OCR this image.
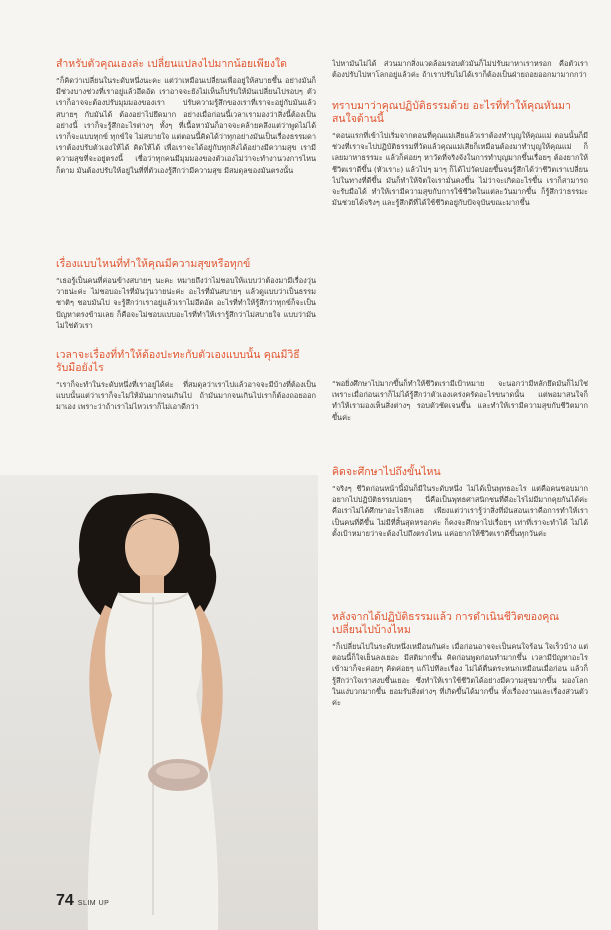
สำหรับตัวคุณเองล่ะ เปลี่ยนแปลงไปมากน้อยเพียงใด

“ ก็คิดว่าเปลี่ยนในระดับหนึ่งนะคะ แต่ว่าเหมือนเปลี่ยนเพื่ออยู่ให้สบายขึ้น อย่างมันก็มีช่วงบางช่วงที่เราอยู่แล้วอึดอัด เราอาจจะยังไม่เห็นก็ปรับให้มันเปลี่ยนไปรอบๆ ตัว เราก็อาจจะต้องปรับมุมมองของเรา ปรับความรู้สึกของเราที่เราจะอยู่กับมันแล้วสบายๆ กับมันได้ ต้องอย่าไปยึดมาก อย่างเมื่อก่อนนี้เวลาเรามองว่าสิ่งนี้ต้องเป็นอย่างนี้ เราก็จะรู้สึกอะไรต่างๆ ทั้งๆ ที่เนื้อหามันก็อาจจะคล้ายคลึงแต่ว่าพูดไม่ได้ เราก็จะแบบทุกข์ ทุกข์ใจ ไม่สบายใจ แต่ตอนนี้คิดได้ว่าทุกอย่างมันเป็นเรื่องธรรมดา เราต้องปรับตัวเองให้ได้ คิดให้ได้ เพื่อเราจะได้อยู่กับทุกสิ่งได้อย่างมีความสุข เรามีความสุขที่จะอยู่ตรงนี้ เชื่อว่าทุกคนมีมุมมองของตัวเองไม่ว่าจะทำงานวงการไหนก็ตาม มันต้องปรับให้อยู่ในที่ที่ตัวเองรู้สึกว่ามีความสุข มีสมดุลของมันตรงนั้น

เรื่องแบบไหนที่ทำให้คุณมีความสุขหรือทุกข์

“ เธอรู้เป็นคนที่ค่อนข้างสบายๆ นะคะ หมายถึงว่าไม่ชอบให้แบบว่าต้องมามีเรื่องวุ่นวายน่ะค่ะ ไม่ชอบอะไรที่มันวุ่นวายน่ะค่ะ อะไรที่มันสบายๆ แล้วดูแบบว่าเป็นธรรมชาติๆ ชอบมันไป จะรู้สึกว่าเราอยู่แล้วเราไม่อึดอัด อะไรที่ทำให้รู้สึกว่าทุกข์ก็จะเป็นปัญหาตรงข้ามเลย ก็คือจะไม่ชอบแบบอะไรที่ทำให้เรารู้สึกว่าไม่สบายใจ แบบว่ามันไม่ใช่ตัวเรา

เวลาจะเรื่องที่ทำให้ต้องปะทะกับตัวเองแบบนั้น คุณมีวิธีรับมือยังไร

“ เราก็จะทำในระดับหนึ่งที่เราอยู่ได้ค่ะ ที่สมดุลว่าเราไปแล้วอาจจะมีบ้างที่ต้องเป็นแบบนั้นแต่ว่าเราก็จะไม่ให้มันมากจนเกินไป ถ้ามันมากจนเกินไปเราก็ต้องถอยออกมาเอง เพราะว่าถ้าเราไม่ไหวเราก็ไม่เอาดีกว่า

ไปหามันไม่ได้ ส่วนมากสิ่งแวดล้อมรอบตัวมันก็ไม่ปรับมาหาเราหรอก คือตัวเราต้องปรับไปหาโลกอยู่แล้วค่ะ ถ้าเราปรับไม่ได้เราก็ต้องเป็นฝ่ายถอยออกมามากกว่า

ทราบมาว่าคุณปฏิบัติธรรมด้วย อะไรที่ทำให้คุณหันมาสนใจด้านนี้

“ ตอนแรกที่เข้าไปเริ่มจากตอนที่คุณแม่เสียแล้วเราต้องทำบุญให้คุณแม่ ตอนนั้นก็มีช่วงที่เราจะไปปฏิบัติธรรมที่วัดแล้วคุณแม่เสียก็เหมือนต้องมาทำบุญให้คุณแม่ ก็เลยมาหาธรรมะ แล้วก็ค่อยๆ หาวัดที่จริงจังในการทำบุญมากขึ้นเรื่อยๆ ต้องยากให้ชีวิตเราดีขึ้น (หัวเราะ) แล้วไปๆ มาๆ ก็ได้ไปวัดบ่อยขึ้นจนรู้สึกได้ว่าชีวิตเราเปลี่ยนไปในทางที่ดีขึ้น มันก็ทำให้จิตใจเรามั่นคงขึ้น ไม่ว่าจะเกิดอะไรขึ้น เราก็สามารถจะรับมือได้ ทำให้เรามีความสุขกับการใช้ชีวิตในแต่ละวันมากขึ้น ก็รู้สึกว่าธรรมะมันช่วยได้จริงๆ และรู้สึกดีที่ได้ใช้ชีวิตอยู่กับปัจจุบันขณะมากขึ้น

“ พอยิ่งศึกษาไปมากขึ้นก็ทำให้ชีวิตเรามีเป้าหมาย จะนอกว่ามีหลักยึดมันก็ไม่ใช่เพราะเมื่อก่อนเราก็ไม่ได้รู้สึกว่าตัวเองเคร่งครัดอะไรขนาดนั้น แต่พอมาสนใจก็ทำให้เรามองเห็นสิ่งต่างๆ รอบตัวชัดเจนขึ้น และทำให้เรามีความสุขกับชีวิตมากขึ้นค่ะ

คิดจะศึกษาไปถึงขั้นไหน

“ จริงๆ ชีวิตก่อนหน้านี้มันก็มีในระดับหนึ่ง ไม่ได้เป็นพุทธอะไร แต่คือคนชอบมากอยากไปปฏิบัติธรรมบ่อยๆ นี่คือเป็นพุทธศาสนิกชนที่ดีอะไรไม่มีมากคุยกันได้ค่ะ คือเราไม่ได้ศึกษาอะไรลึกเลย เพียงแต่ว่าเรารู้ว่าสิ่งที่มันสอนเราคือการทำให้เราเป็นคนที่ดีขึ้น ไม่มีที่สิ้นสุดหรอกค่ะ ก็คงจะศึกษาไปเรื่อยๆ เท่าที่เราจะทำได้ ไม่ได้ตั้งเป้าหมายว่าจะต้องไปถึงตรงไหน แค่อยากให้ชีวิตเราดีขึ้นทุกวันค่ะ

หลังจากได้ปฏิบัติธรรมแล้ว การดำเนินชีวิตของคุณเปลี่ยนไปบ้างไหม

“ ก็เปลี่ยนไปในระดับหนึ่งเหมือนกันค่ะ เมื่อก่อนอาจจะเป็นคนใจร้อน ใจเร็วบ้าง แต่ตอนนี้ก็ใจเย็นลงเยอะ มีสติมากขึ้น คิดก่อนพูดก่อนทำมากขึ้น เวลามีปัญหาอะไรเข้ามาก็จะค่อยๆ คิดค่อยๆ แก้ไปทีละเรื่อง ไม่ได้ตื่นตระหนกเหมือนเมื่อก่อน แล้วก็รู้สึกว่าใจเราสงบขึ้นเยอะ ซึ่งทำให้เราใช้ชีวิตได้อย่างมีความสุขมากขึ้น มองโลกในแง่บวกมากขึ้น ยอมรับสิ่งต่างๆ ที่เกิดขึ้นได้มากขึ้น ทั้งเรื่องงานและเรื่องส่วนตัวค่ะ

74 SLIM UP
